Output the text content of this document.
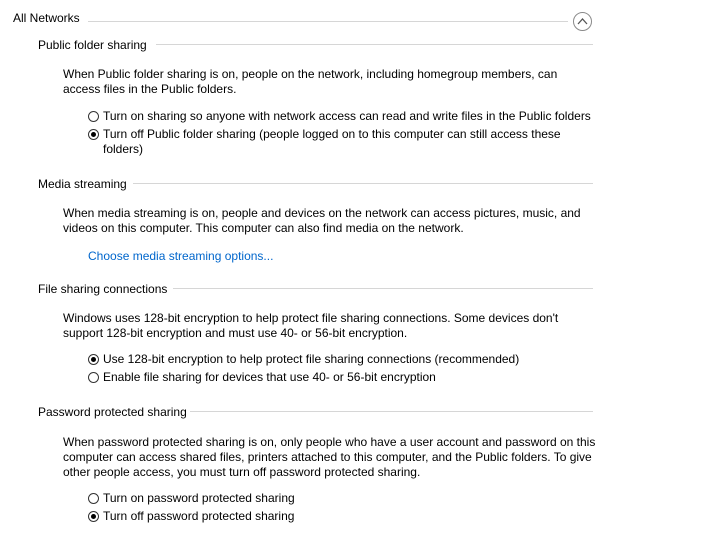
All Networks
Public folder sharing
When Public folder sharing is on, people on the network, including homegroup members, can
access files in the Public folders.
Turn on sharing so anyone with network access can read and write files in the Public folders
Turn off Public folder sharing (people logged on to this computer can still access these
folders)
Media streaming
When media streaming is on, people and devices on the network can access pictures, music, and
videos on this computer. This computer can also find media on the network.
Choose media streaming options...
File sharing connections
Windows uses 128-bit encryption to help protect file sharing connections. Some devices don't
support 128-bit encryption and must use 40- or 56-bit encryption.
Use 128-bit encryption to help protect file sharing connections (recommended)
Enable file sharing for devices that use 40- or 56-bit encryption
Password protected sharing
When password protected sharing is on, only people who have a user account and password on this
computer can access shared files, printers attached to this computer, and the Public folders. To give
other people access, you must turn off password protected sharing.
Turn on password protected sharing
Turn off password protected sharing
